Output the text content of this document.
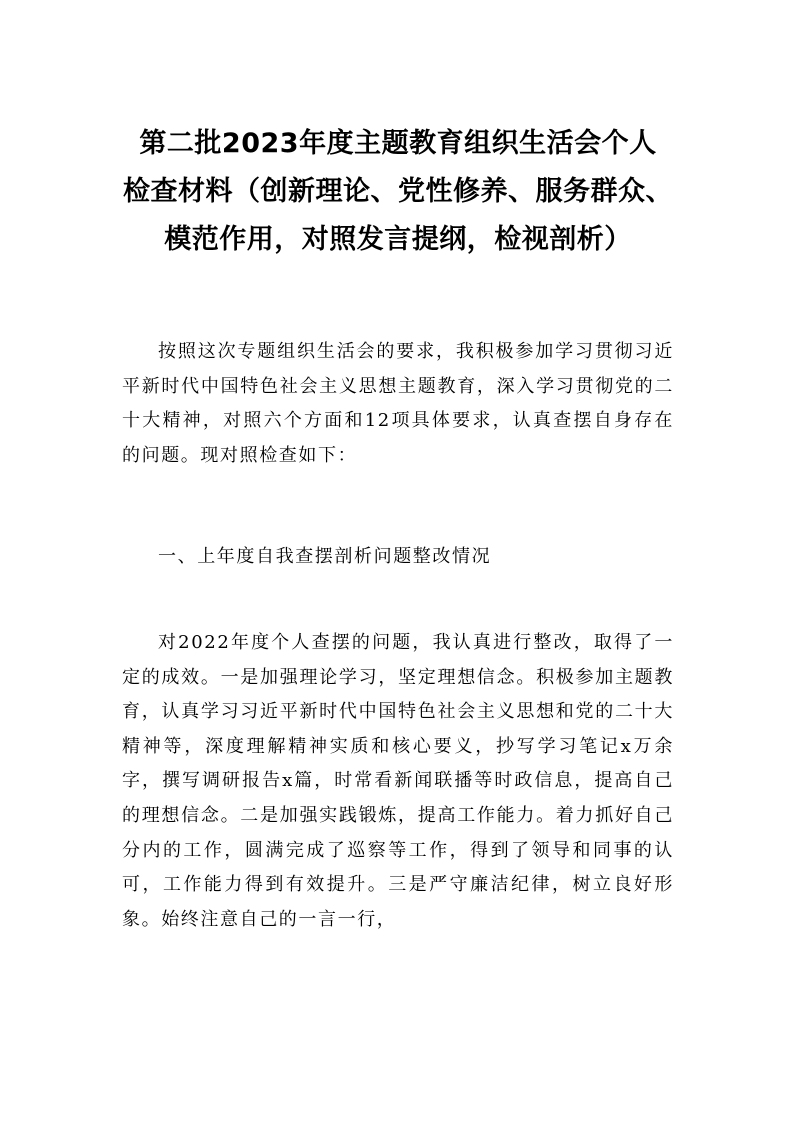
第二批2023年度主题教育组织生活会个人
检查材料（创新理论、党性修养、服务群众、
模范作用，对照发言提纲，检视剖析）

按照这次专题组织生活会的要求，我积极参加学习贯彻习近平新时代中国特色社会主义思想主题教育，深入学习贯彻党的二十大精神，对照六个方面和12项具体要求，认真查摆自身存在的问题。现对照检查如下：

一、上年度自我查摆剖析问题整改情况

对2022年度个人查摆的问题，我认真进行整改，取得了一定的成效。一是加强理论学习，坚定理想信念。积极参加主题教育，认真学习习近平新时代中国特色社会主义思想和党的二十大精神等，深度理解精神实质和核心要义，抄写学习笔记x万余字，撰写调研报告x篇，时常看新闻联播等时政信息，提高自己的理想信念。二是加强实践锻炼，提高工作能力。着力抓好自己分内的工作，圆满完成了巡察等工作，得到了领导和同事的认可，工作能力得到有效提升。三是严守廉洁纪律，树立良好形象。始终注意自己的一言一行，
